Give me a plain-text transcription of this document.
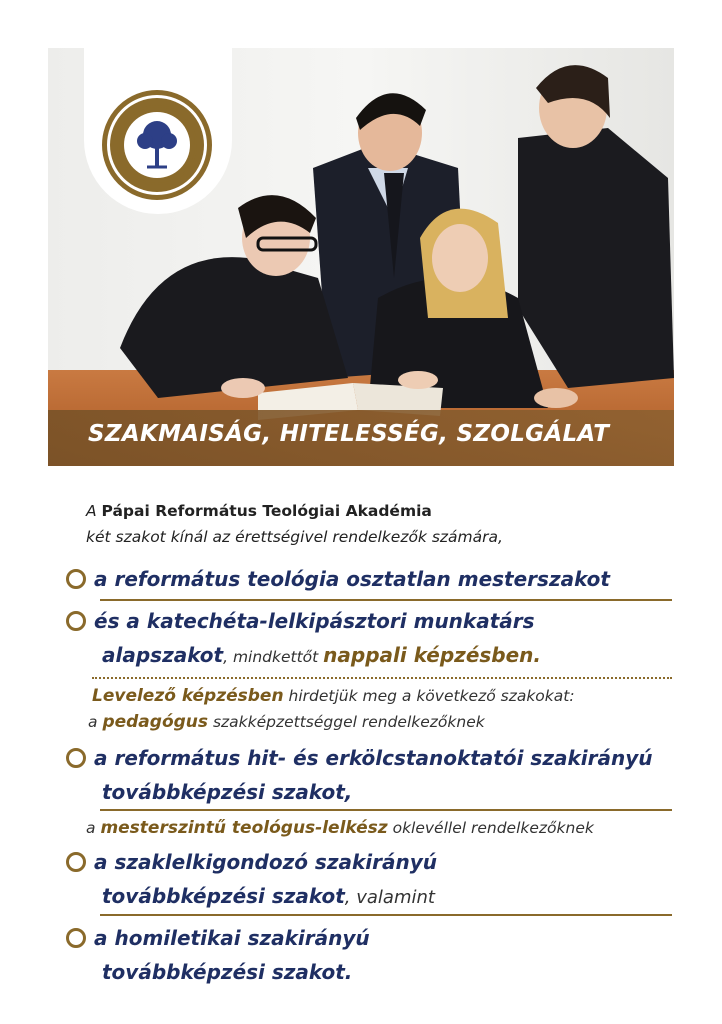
SZAKMAISÁG, HITELESSÉG, SZOLGÁLAT
A Pápai Református Teológiai Akadémia
két szakot kínál az érettségivel rendelkezők számára,
a református teológia osztatlan mesterszakot
és a katechéta-lelkipásztori munkatárs

alapszakot, mindkettőt nappali képzésben.
Levelező képzésben hirdetjük meg a következő szakokat:
a pedagógus szakképzettséggel rendelkezőknek
a református hit- és erkölcstanoktatói szakirányú

továbbképzési szakot,
a mesterszintű teológus-lelkész oklevéllel rendelkezőknek
a szaklelkigondozó szakirányú

továbbképzési szakot, valamint
a homiletikai szakirányú

továbbképzési szakot.
